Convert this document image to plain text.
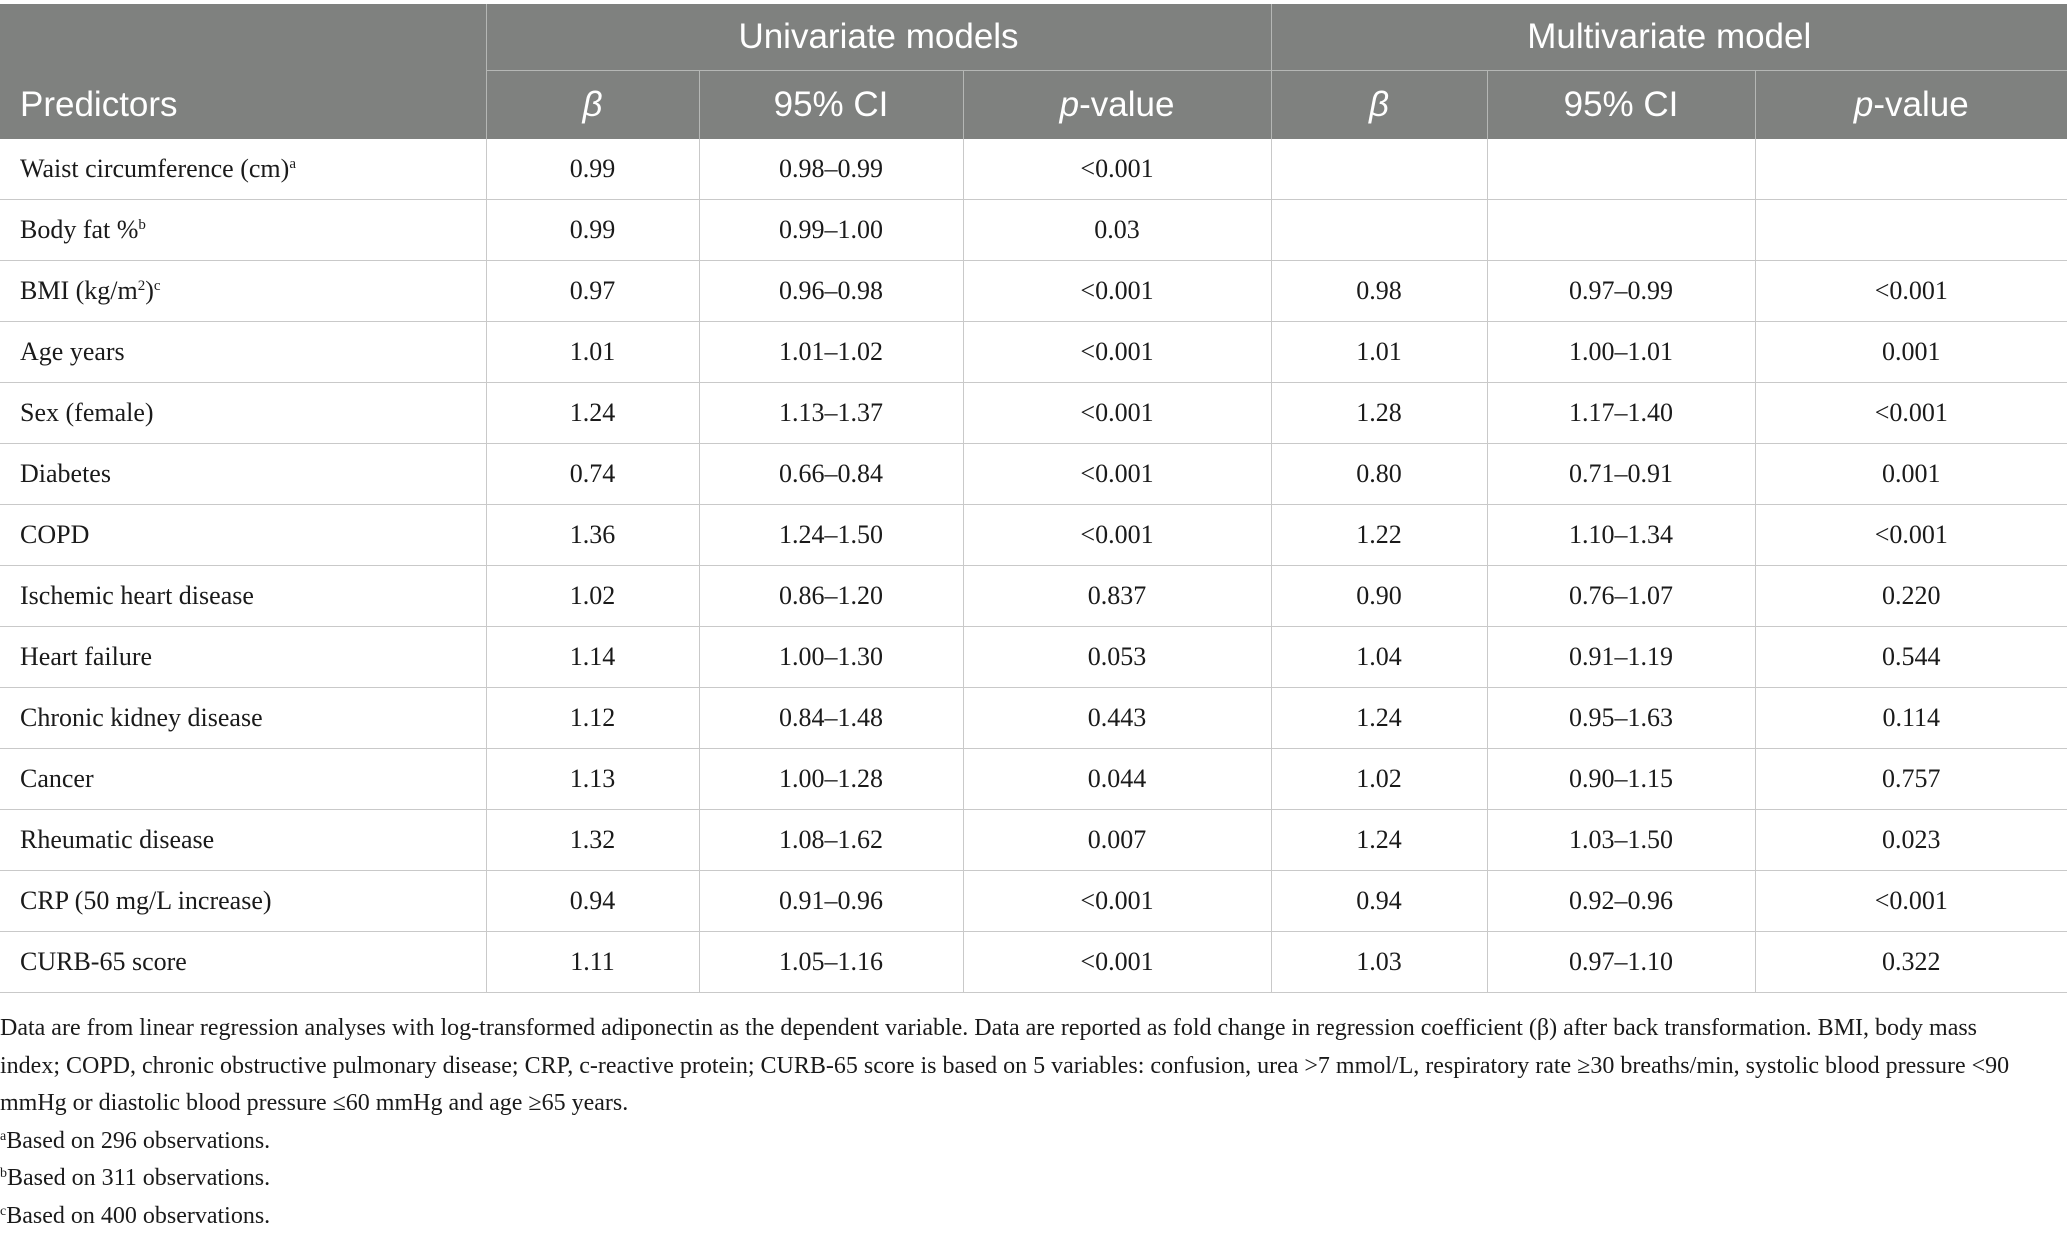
	Univariate models			Multivariate model		
Predictors	β	95% CI	p-value	β	95% CI	p-value
Waist circumference (cm)$^a$	0.99	0.98–0.99	<0.001			
Body fat %$^b$	0.99	0.99–1.00	0.03			
BMI $(kg/m^2)^c$	0.97	0.96–0.98	<0.001	0.98	0.97–0.99	<0.001
Age years	1.01	1.01–1.02	<0.001	1.01	1.00–1.01	0.001
Sex (female)	1.24	1.13–1.37	<0.001	1.28	1.17–1.40	<0.001
Diabetes	0.74	0.66–0.84	<0.001	0.80	0.71–0.91	0.001
COPD	1.36	1.24–1.50	<0.001	1.22	1.10–1.34	<0.001
Ischemic heart disease	1.02	0.86–1.20	0.837	0.90	0.76–1.07	0.220
Heart failure	1.14	1.00–1.30	0.053	1.04	0.91–1.19	0.544
Chronic kidney disease	1.12	0.84–1.48	0.443	1.24	0.95–1.63	0.114
Cancer	1.13	1.00–1.28	0.044	1.02	0.90–1.15	0.757
Rheumatic disease	1.32	1.08–1.62	0.007	1.24	1.03–1.50	0.023
CRP (50 mg/L increase)	0.94	0.91–0.96	<0.001	0.94	0.92–0.96	<0.001
CURB-65 score	1.11	1.05–1.16	<0.001	1.03	0.97–1.10	0.322

Data are from linear regression analyses with log-transformed adiponectin as the dependent variable. Data are reported as fold change in regression coefficient (β) after back transformation. BMI, body mass index; COPD, chronic obstructive pulmonary disease; CRP, c-reactive protein; CURB-65 score is based on 5 variables: confusion, urea >7 mmol/L, respiratory rate ≥30 breaths/min, systolic blood pressure <90 mmHg or diastolic blood pressure ≤60 mmHg and age ≥65 years.

$^a$Based on 296 observations.

$^b$Based on 311 observations.

$^c$Based on 400 observations.
